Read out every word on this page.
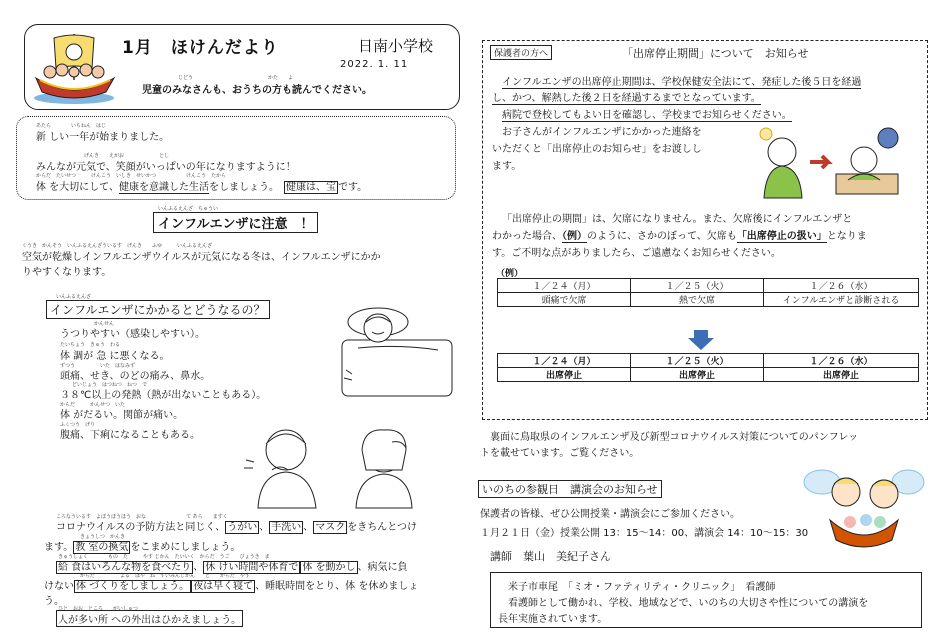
1月　ほけんだより	日南小学校
2022. 1. 11
じどう　　　　　　　　　　　　　　　かた　　よ
児童のみなさんも、おうちの方も読んでください。
あたら　　　　いちねん　はじ
新 しい一年が始まりました。
げんき　　えがお　　　　　　　とし
みんなが元気で、笑顔がいっぱいの年になりますように！
からだ　たいせつ　　　けんこう　いしき　せいかつ　　　　　　けんこう　たから
体 を大切にして、健康を意識した生活をしましょう。　 健康は、宝 です。
いんふるえんざ　ちゅうい
インフルエンザに注意　！
くうき　かんそう　いんふるえんざういるす　げんき　　ふゆ　　　いんふるえんざ
空気が乾燥しインフルエンザウイルスが元気になる冬は、インフルエンザにかか
りやすくなります。
いんふるえんざ
インフルエンザにかかるとどうなるの？
かんせん
うつりやすい（感染しやすい）。
たいちょう　きゅう　わる
体 調が 急 に悪くなる。
ずつう　　　　　いた　はなみず
頭痛、せき、のどの痛み、鼻水。
どいじょう　はつねつ　ねつ　で
３８℃以上の発熱（熱が出ないこともある）。
からだ　　　かんせつ　いた
体 がだるい。関節が痛い。
ふくつう　げり
腹痛、下痢になることもある。
ころなういるす　よぼうほうほう　おな　　　　　　　　て あら　　ますく
コロナウイルスの予防方法と同じく、 うがい 、 手洗い 、 マスク をきちんとつけ
きょうしつ　かんき
ます。 教 室の換気 をこまめにしましょう。
きゅうしょく　　　　もの　た　　　やす じかん　たいいく　からだ　うご　　びょうき　ま
給 食はいろんな物を食べたり 、 休 けい時間や体育で 体 を動かし 、病気に負
からだ　　　　　よる　はや　ね　すいみんじかん　　と　　からだ　やす
けない 体 づくりをしましょう。 夜は早く寝て 、睡眠時間をとり、体 を休めましょ
う。
ひと　おお　ところ　　がいしゅつ
人が多い所 への外出はひかえましょう。
保護者の方へ	「出席停止期間」について　お知らせ
インフルエンザの出席停止期間は、学校保健安全法にて、発症した後５日を経過
し、かつ、解熱した後２日を経過するまでとなっています。
病院で登校してもよい日を確認し、学校までお知らせください。
お子さんがインフルエンザにかかった連絡を
いただくと「出席停止のお知らせ」をお渡しし
ます。
「出席停止の期間」は、欠席になりません。また、欠席後にインフルエンザと
わかった場合、（例）のように、さかのぼって、欠席も「出席停止の扱い」となりま
す。ご不明な点がありましたら、ご遠慮なくお知らせください。
（例）
１／２４（月）	１／２５（火）	１／２６（水）
頭痛で欠席	熱で欠席	インフルエンザと診断される
１／２４（月）	１／２５（火）	１／２６（水）
出席停止	出席停止	出席停止
裏面に鳥取県のインフルエンザ及び新型コロナウイルス対策についてのパンフレッ
トを載せています。ご覧ください。
いのちの参観日　講演会のお知らせ
保護者の皆様、ぜひ公開授業・講演会にご参加ください。
１月２１日（金）授業公開 13：15～14：00、講演会 14：10～15：30
講師　葉山　美紀子さん
米子市車尾　「ミオ・ファティリティ・クリニック」　看護師
看護師として働かれ、学校、地域などで、いのちの大切さや性についての講演を
長年実施されています。
